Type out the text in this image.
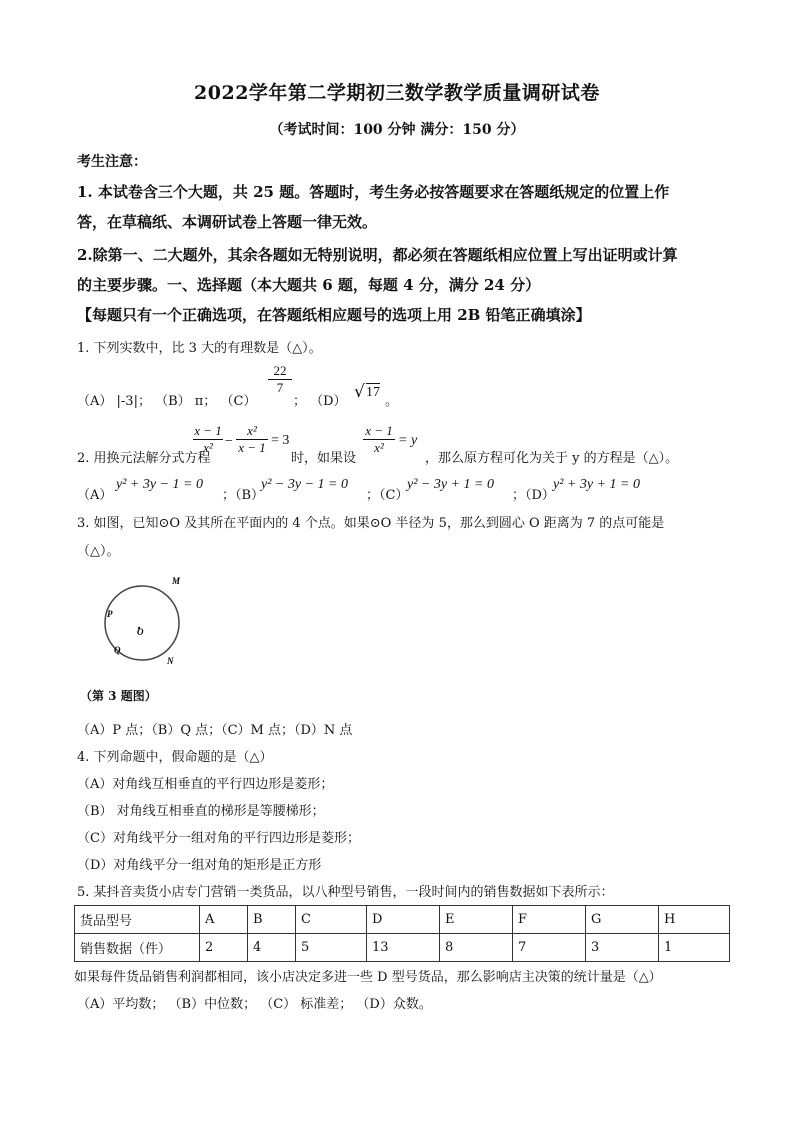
2022学年第二学期初三数学教学质量调研试卷
（考试时间：100 分钟 满分：150 分）
考生注意：
1. 本试卷含三个大题，共 25 题。答题时，考生务必按答题要求在答题纸规定的位置上作
答，在草稿纸、本调研试卷上答题一律无效。
2.除第一、二大题外，其余各题如无特别说明，都必须在答题纸相应位置上写出证明或计算
的主要步骤。一、选择题（本大题共 6 题，每题 4 分，满分 24 分）
【每题只有一个正确选项，在答题纸相应题号的选项上用 2B 铅笔正确填涂】
1. 下列实数中，比 3 大的有理数是（△）。
（A） |-3|； （B） π； （C）
22
7
； （D） √ 17
。
2. 用换元法解分式方程
x − 1
x² −
x²
x − 1 = 3
时，如果设
x − 1
x²	= y
，那么原方程可化为关于 y 的方程是（△）。
（A）
y² + 3y − 1 = 0
；（B）
y² − 3y − 1 = 0
；（C）
y² − 3y + 1 = 0
；（D）
y² + 3y + 1 = 0
3. 如图，已知⊙O 及其所在平面内的 4 个点。如果⊙O 半径为 5，那么到圆心 O 距离为 7 的点可能是
（△）。
M
P
O
Q
N
（第 3 题图）
（A）P 点；（B）Q 点；（C）M 点；（D）N 点
4. 下列命题中，假命题的是（△）
（A）对角线互相垂直的平行四边形是菱形；
（B） 对角线互相垂直的梯形是等腰梯形；
（C）对角线平分一组对角的平行四边形是菱形；
（D）对角线平分一组对角的矩形是正方形
5. 某抖音卖货小店专门营销一类货品，以八种型号销售，一段时间内的销售数据如下表所示：
货品型号	A	B	C	D	E	F	G	H
销售数据（件）	2	4	5	13	8	7	3	1
如果每件货品销售利润都相同，该小店决定多进一些 D 型号货品，那么影响店主决策的统计量是（△）
（A）平均数； （B）中位数； （C） 标准差； （D）众数。
